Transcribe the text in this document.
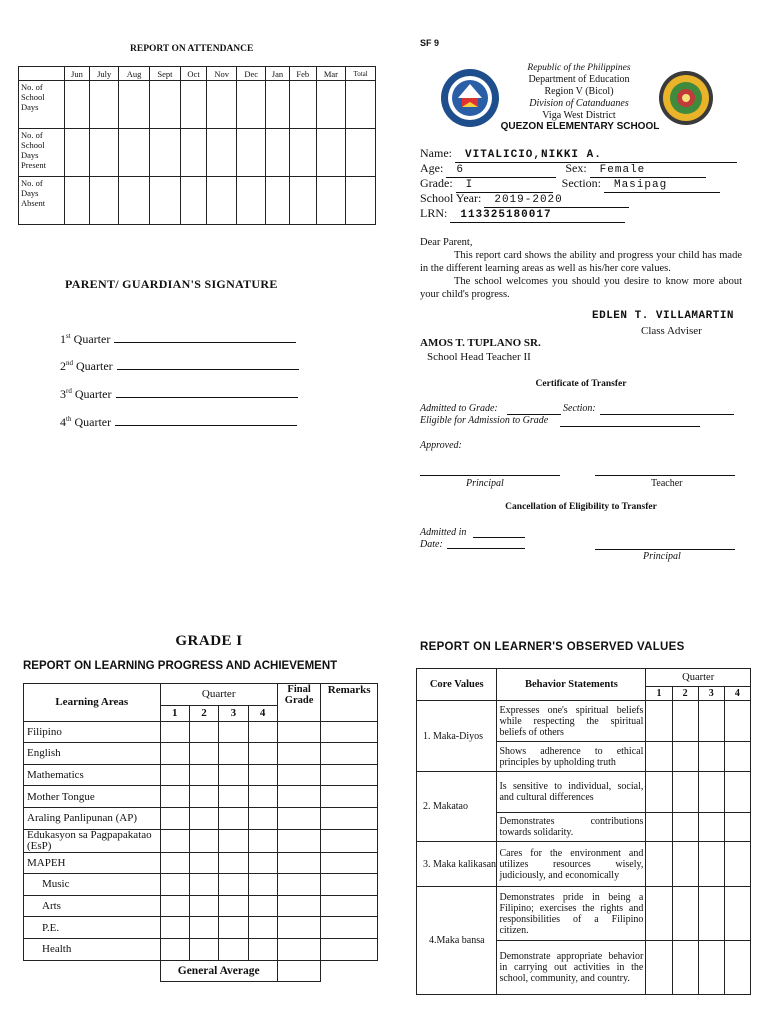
REPORT ON ATTENDANCE
	Jun	July	Aug	Sept	Oct	Nov	Dec	Jan	Feb	Mar	Total
No. of School Days											
No. of School Days Present											
No. of Days Absent											
PARENT/ GUARDIAN'S SIGNATURE
1st Quarter
2nd Quarter
3rd Quarter
4th Quarter
SF 9
Republic of the Philippines
Department of Education
Region V (Bicol)
Division of Catanduanes
Viga West District
QUEZON ELEMENTARY SCHOOL
Name: VITALICIO,NIKKI A.
Age: 6	Sex: Female
Grade: I	Section: Masipag
School Year: 2019-2020
LRN: 113325180017
Dear Parent,
This report card shows the ability and progress your child has made in the different learning areas as well as his/her core values.
The school welcomes you should you desire to know more about your child's progress.
EDLEN T. VILLAMARTIN
Class Adviser
AMOS T. TUPLANO SR.
School Head Teacher II
Certificate of Transfer
Admitted to Grade:	Section:
Eligible for Admission to Grade
Approved:
Principal	Teacher
Cancellation of Eligibility to Transfer
Admitted in
Date:
Principal
GRADE I
REPORT ON LEARNING PROGRESS AND ACHIEVEMENT
Learning Areas	Quarter				Final Grade	Remarks
	1	2	3	4		
Filipino						
English						
Mathematics						
Mother Tongue						
Araling Panlipunan (AP)						
Edukasyon sa Pagpapakatao (EsP)						
MAPEH						
Music						
Arts						
P.E.						
Health						
	General Average					
REPORT ON LEARNER'S OBSERVED VALUES
Core Values	Behavior Statements	Quarter			
		1	2	3	4
1. Maka-Diyos	Expresses one's spiritual beliefs while respecting the spiritual beliefs of others				
	Shows adherence to ethical principles by upholding truth				
2. Makatao	Is sensitive to individual, social, and cultural differences				
	Demonstrates contributions towards solidarity.				
3. Maka kalikasan	Cares for the environment and utilizes resources wisely, judiciously, and economically				
4.Maka bansa	Demonstrates pride in being a Filipino; exercises the rights and responsibilities of a Filipino citizen.				
	Demonstrate appropriate behavior in carrying out activities in the school, community, and country.				
